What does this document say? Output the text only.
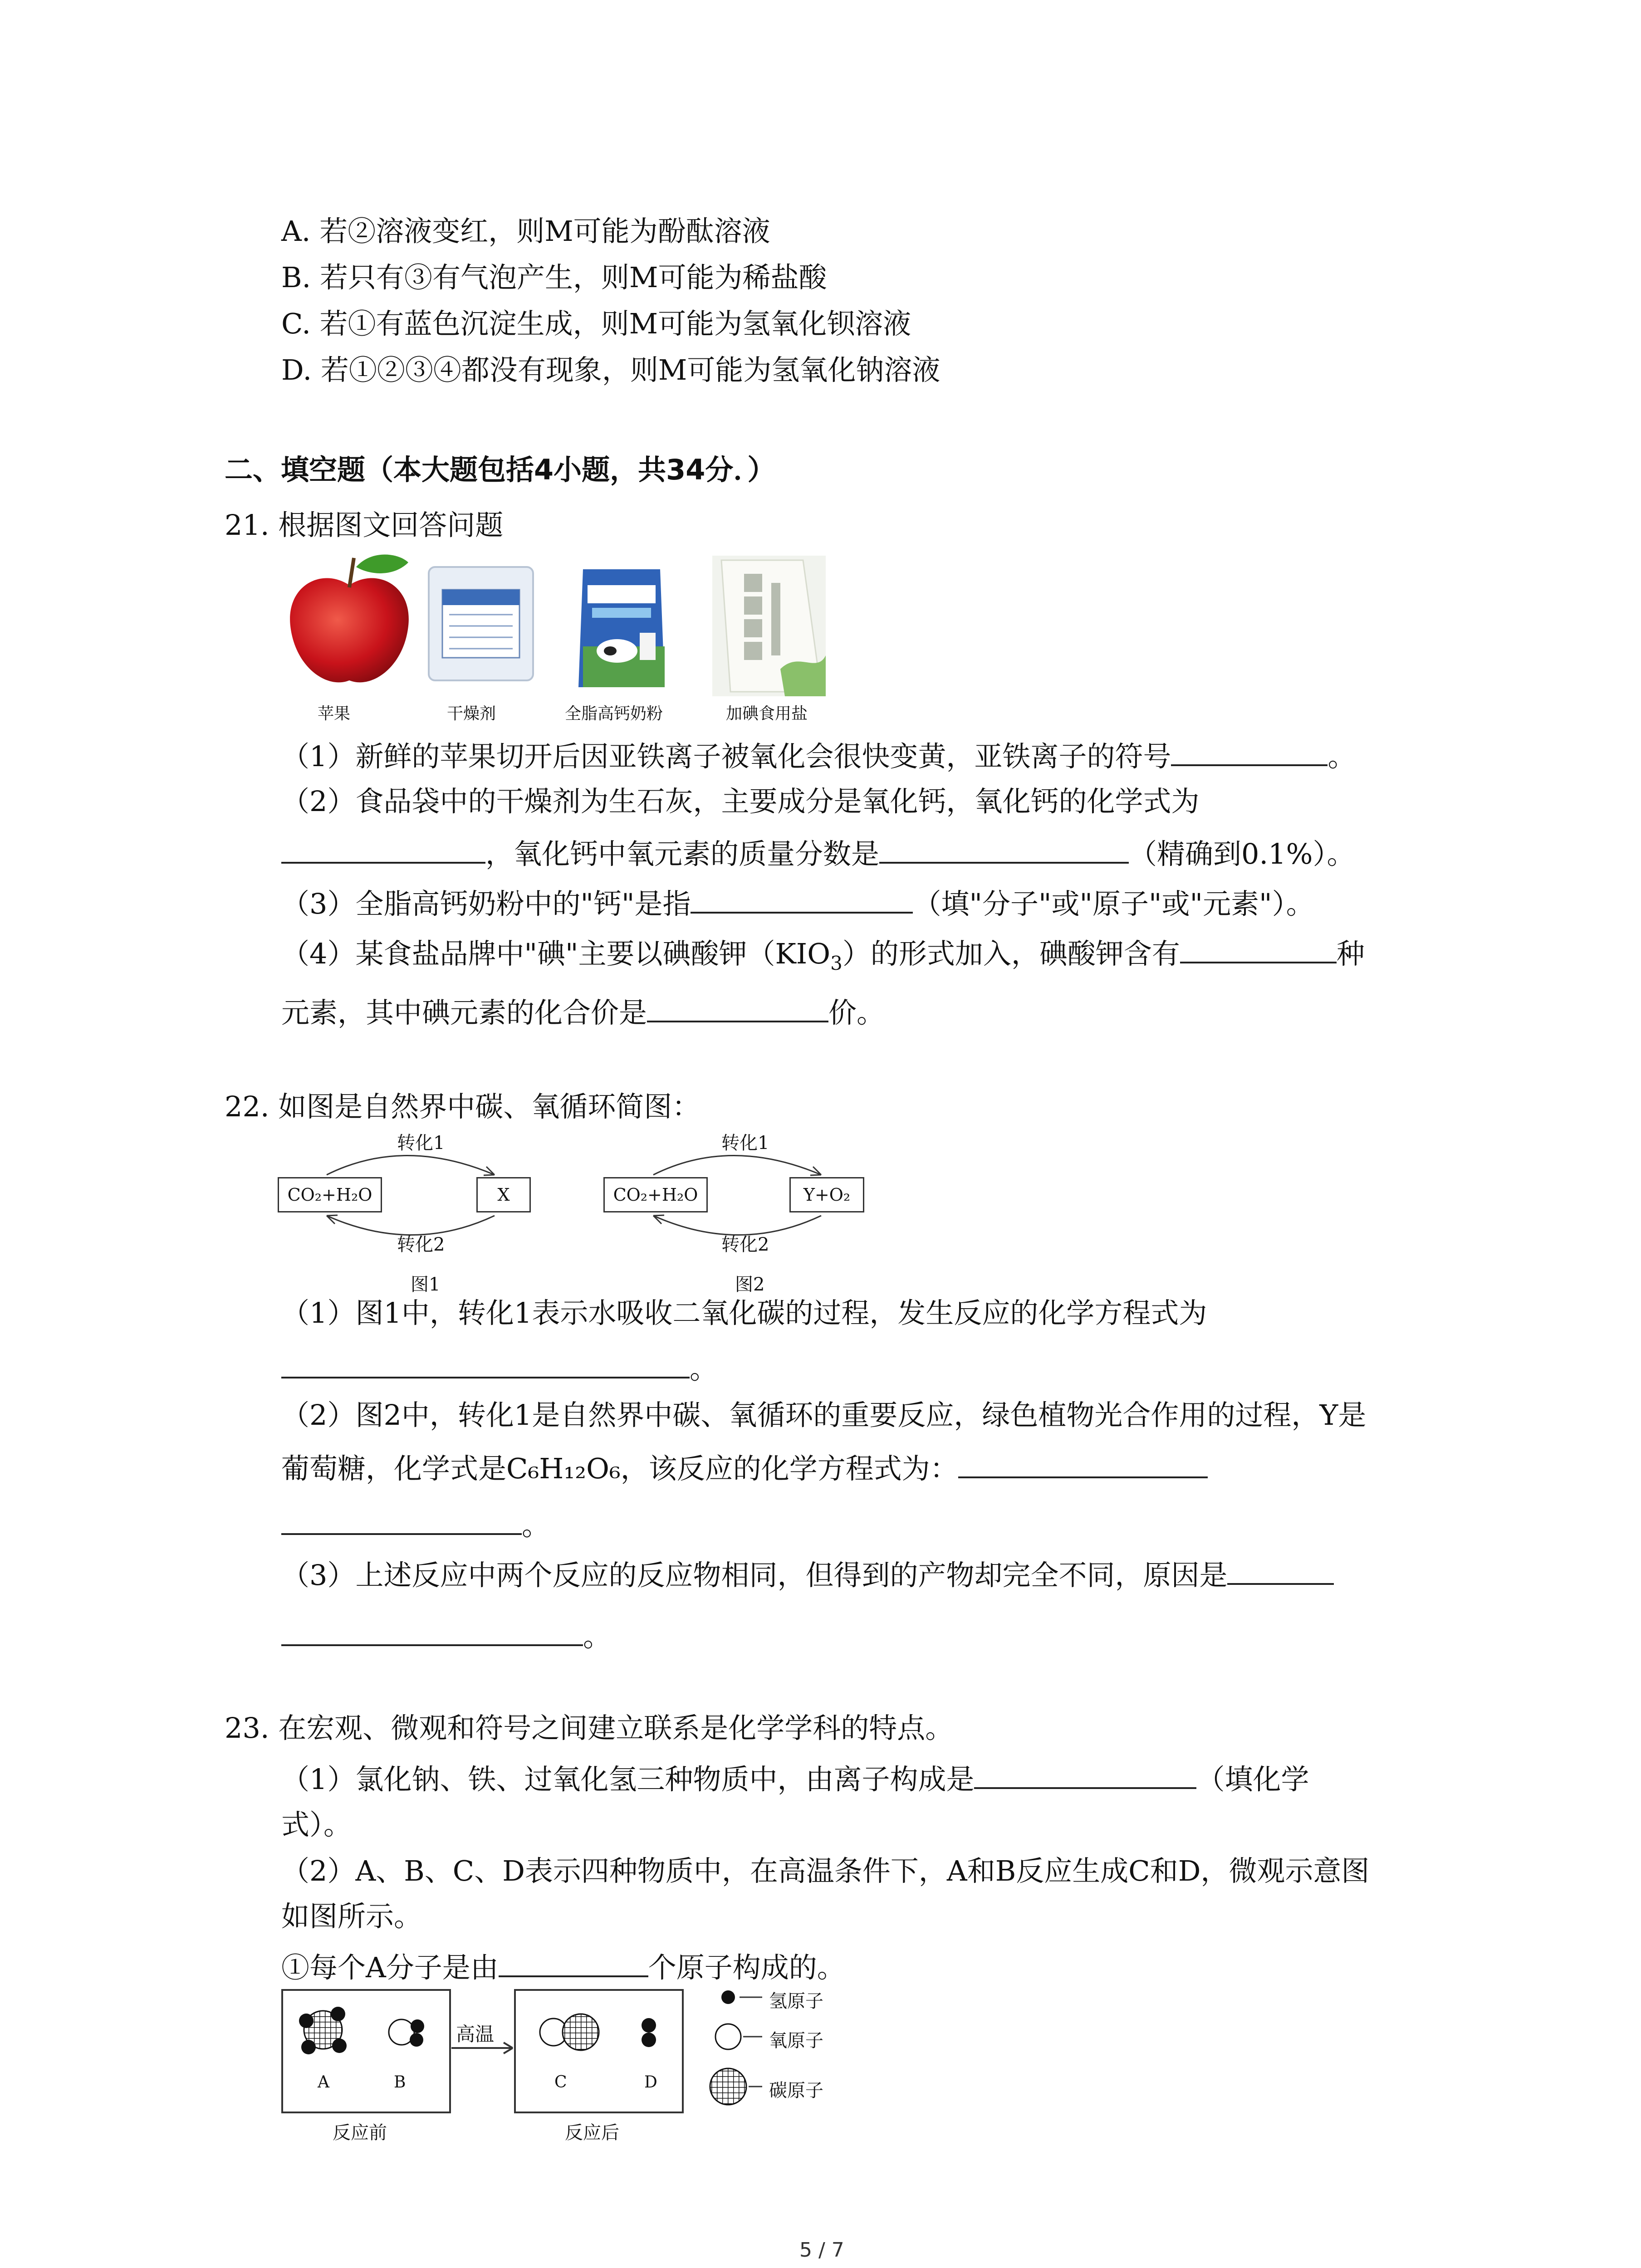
A. 若②溶液变红，则M可能为酚酞溶液
B. 若只有③有气泡产生，则M可能为稀盐酸
C. 若①有蓝色沉淀生成，则M可能为氢氧化钡溶液
D. 若①②③④都没有现象，则M可能为氢氧化钠溶液
二、填空题（本大题包括4小题，共34分．）
21. 根据图文回答问题
苹果	干燥剂	全脂高钙奶粉	加碘食用盐
（1）新鲜的苹果切开后因亚铁离子被氧化会很快变黄，亚铁离子的符号	。
（2）食品袋中的干燥剂为生石灰，主要成分是氧化钙，氧化钙的化学式为
，氧化钙中氧元素的质量分数是	（精确到0.1%）。
（3）全脂高钙奶粉中的"钙"是指	（填"分子"或"原子"或"元素"）。
（4）某食盐品牌中"碘"主要以碘酸钾$(KIO_3)$的形式加入，碘酸钾含有	种
元素，其中碘元素的化合价是	价。
22. 如图是自然界中碳、氧循环简图：
转化1
CO₂+H₂O	X
转化2
图1
转化1
CO₂+H₂O	Y+O₂
转化2
图2
（1）图1中，转化1表示水吸收二氧化碳的过程，发生反应的化学方程式为
。
（2）图2中，转化1是自然界中碳、氧循环的重要反应，绿色植物光合作用的过程，Y是
葡萄糖，化学式是C₆H₁₂O₆，该反应的化学方程式为：
。
（3）上述反应中两个反应的反应物相同，但得到的产物却完全不同，原因是
。
23. 在宏观、微观和符号之间建立联系是化学学科的特点。
（1）氯化钠、铁、过氧化氢三种物质中，由离子构成是	（填化学
式）。
（2）A、B、C、D表示四种物质中，在高温条件下，A和B反应生成C和D，微观示意图
如图所示。
①每个A分子是由	个原子构成的。
高温
A	B	C	D
反应前	反应后
氢原子
氧原子
碳原子
5 / 7
